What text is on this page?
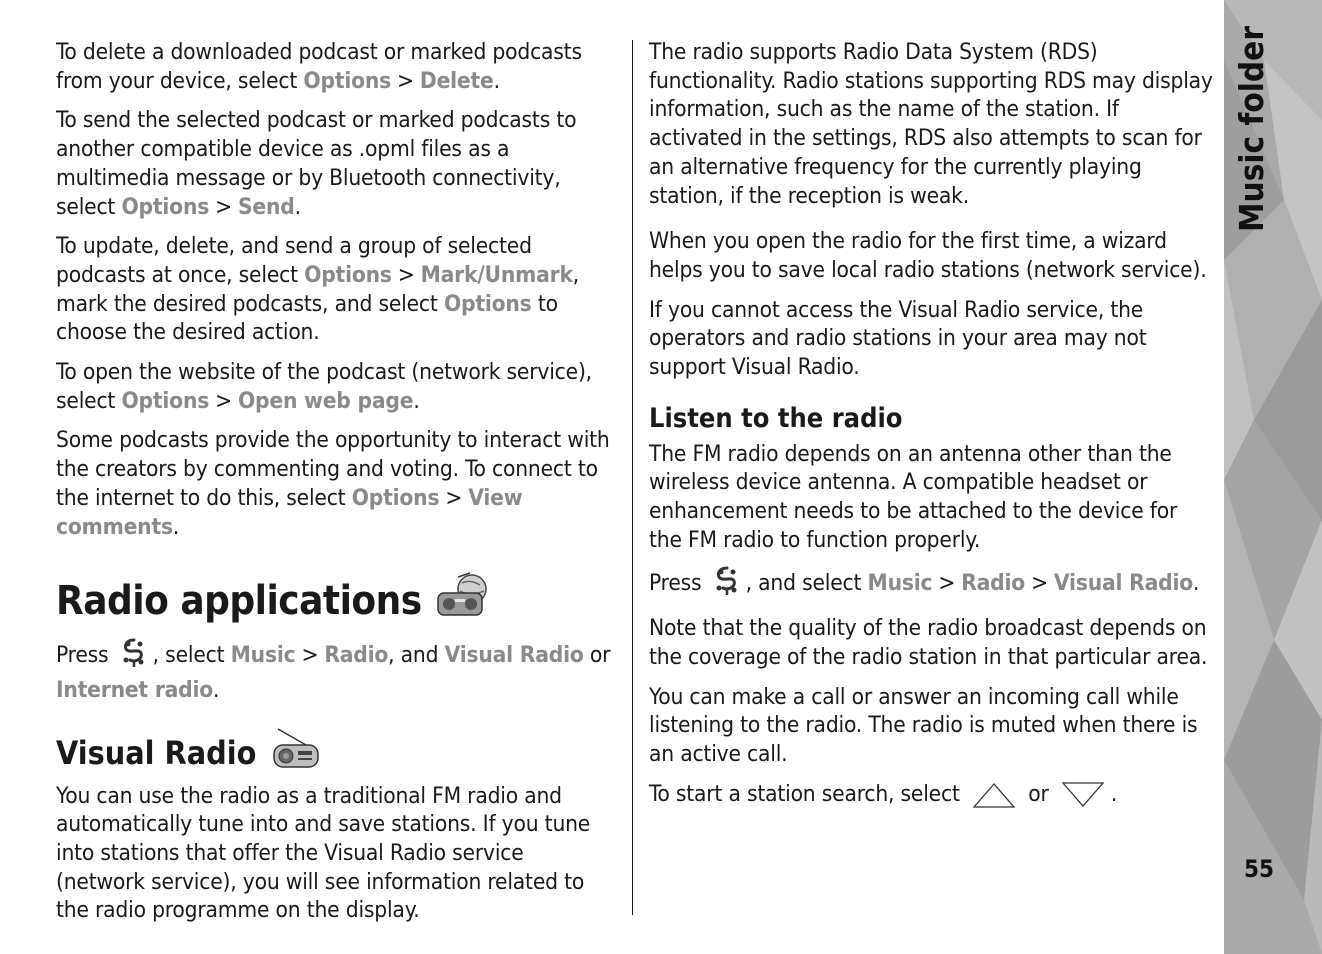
To delete a downloaded podcast or marked podcasts from your device, select Options > Delete.

To send the selected podcast or marked podcasts to another compatible device as .opml files as a multimedia message or by Bluetooth connectivity, select Options > Send.

To update, delete, and send a group of selected podcasts at once, select Options > Mark/Unmark, mark the desired podcasts, and select Options to choose the desired action.

To open the website of the podcast (network service), select Options > Open web page.

Some podcasts provide the opportunity to interact with the creators by commenting and voting. To connect to the internet to do this, select Options > View comments.

Radio applications

Press , select Music > Radio, and Visual Radio or Internet radio.

Visual Radio

You can use the radio as a traditional FM radio and automatically tune into and save stations. If you tune into stations that offer the Visual Radio service (network service), you will see information related to the radio programme on the display.

The radio supports Radio Data System (RDS) functionality. Radio stations supporting RDS may display information, such as the name of the station. If activated in the settings, RDS also attempts to scan for an alternative frequency for the currently playing station, if the reception is weak.

When you open the radio for the first time, a wizard helps you to save local radio stations (network service).

If you cannot access the Visual Radio service, the operators and radio stations in your area may not support Visual Radio.

Listen to the radio

The FM radio depends on an antenna other than the wireless device antenna. A compatible headset or enhancement needs to be attached to the device for the FM radio to function properly.

Press , and select Music > Radio > Visual Radio.

Note that the quality of the radio broadcast depends on the coverage of the radio station in that particular area.

You can make a call or answer an incoming call while listening to the radio. The radio is muted when there is an active call.

To start a station search, select  or .

Music folder
55
